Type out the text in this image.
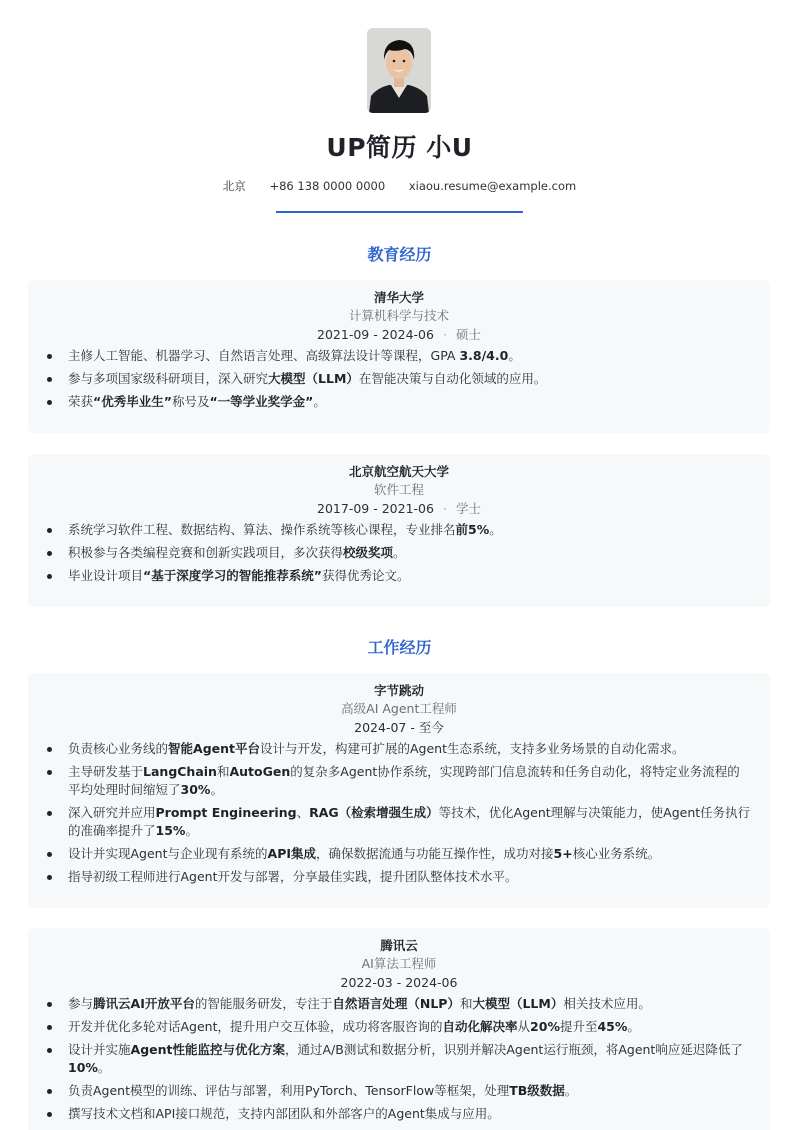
UP简历 小U
北京 +86 138 0000 0000 xiaou.resume@example.com
教育经历
清华大学
计算机科学与技术
2021-09 - 2024-06 · 硕士
主修人工智能、机器学习、自然语言处理、高级算法设计等课程，GPA 3.8/4.0。
参与多项国家级科研项目，深入研究大模型（LLM）在智能决策与自动化领域的应用。
荣获“优秀毕业生”称号及“一等学业奖学金”。
北京航空航天大学
软件工程
2017-09 - 2021-06 · 学士
系统学习软件工程、数据结构、算法、操作系统等核心课程，专业排名前5%。
积极参与各类编程竞赛和创新实践项目，多次获得校级奖项。
毕业设计项目“基于深度学习的智能推荐系统”获得优秀论文。
工作经历
字节跳动
高级AI Agent工程师
2024-07 - 至今
负责核心业务线的智能Agent平台设计与开发，构建可扩展的Agent生态系统，支持多业务场景的自动化需求。
主导研发基于LangChain和AutoGen的复杂多Agent协作系统，实现跨部门信息流转和任务自动化，将特定业务流程的平均处理时间缩短了30%。
深入研究并应用Prompt Engineering、RAG（检索增强生成）等技术，优化Agent理解与决策能力，使Agent任务执行的准确率提升了15%。
设计并实现Agent与企业现有系统的API集成，确保数据流通与功能互操作性，成功对接5+核心业务系统。
指导初级工程师进行Agent开发与部署，分享最佳实践，提升团队整体技术水平。
腾讯云
AI算法工程师
2022-03 - 2024-06
参与腾讯云AI开放平台的智能服务研发，专注于自然语言处理（NLP）和大模型（LLM）相关技术应用。
开发并优化多轮对话Agent，提升用户交互体验，成功将客服咨询的自动化解决率从20%提升至45%。
设计并实施Agent性能监控与优化方案，通过A/B测试和数据分析，识别并解决Agent运行瓶颈，将Agent响应延迟降低了10%。
负责Agent模型的训练、评估与部署，利用PyTorch、TensorFlow等框架，处理TB级数据。
撰写技术文档和API接口规范，支持内部团队和外部客户的Agent集成与应用。
